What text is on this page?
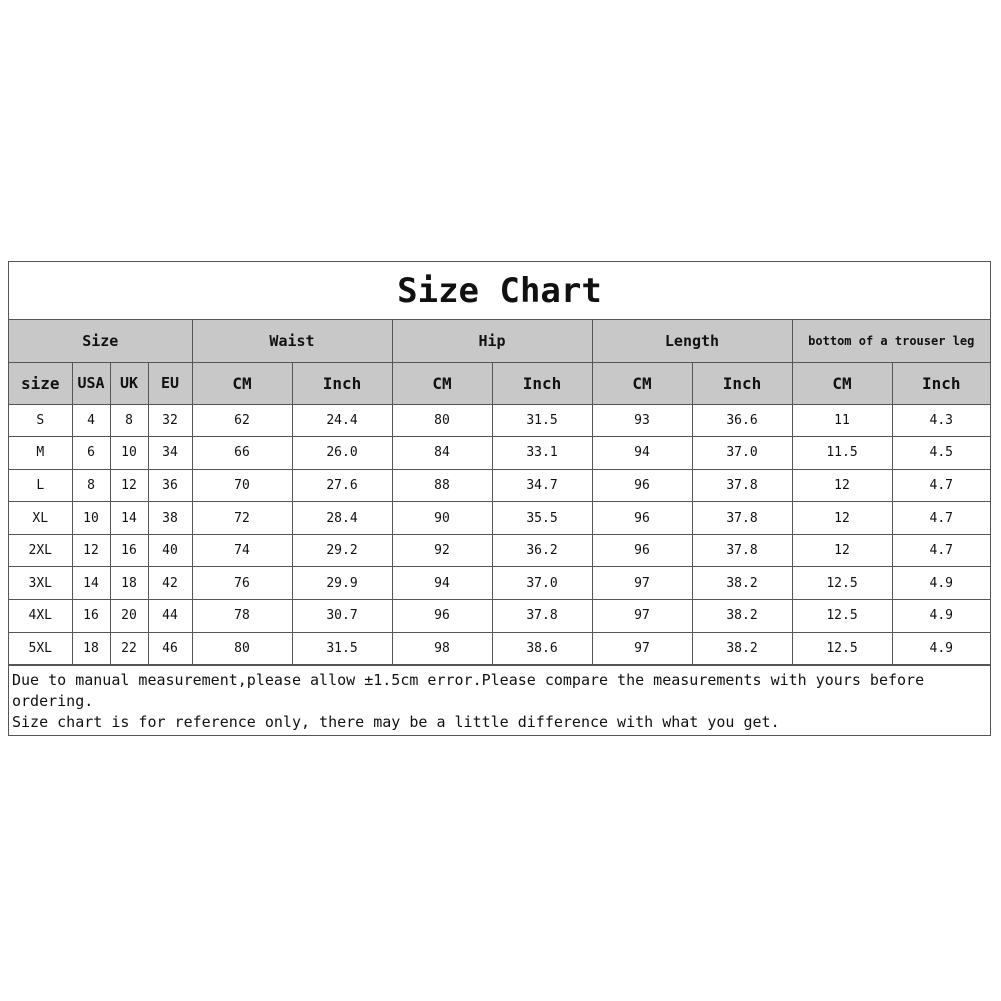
Size Chart
Size				Waist		Hip		Length		bottom of a trouser leg	
size	USA	UK	EU	CM	Inch	CM	Inch	CM	Inch	CM	Inch
S	4	8	32	62	24.4	80	31.5	93	36.6	11	4.3
M	6	10	34	66	26.0	84	33.1	94	37.0	11.5	4.5
L	8	12	36	70	27.6	88	34.7	96	37.8	12	4.7
XL	10	14	38	72	28.4	90	35.5	96	37.8	12	4.7
2XL	12	16	40	74	29.2	92	36.2	96	37.8	12	4.7
3XL	14	18	42	76	29.9	94	37.0	97	38.2	12.5	4.9
4XL	16	20	44	78	30.7	96	37.8	97	38.2	12.5	4.9
5XL	18	22	46	80	31.5	98	38.6	97	38.2	12.5	4.9

Due to manual measurement,please allow ±1.5cm error.Please compare the measurements with yours before ordering.

Size chart is for reference only, there may be a little difference with what you get.
